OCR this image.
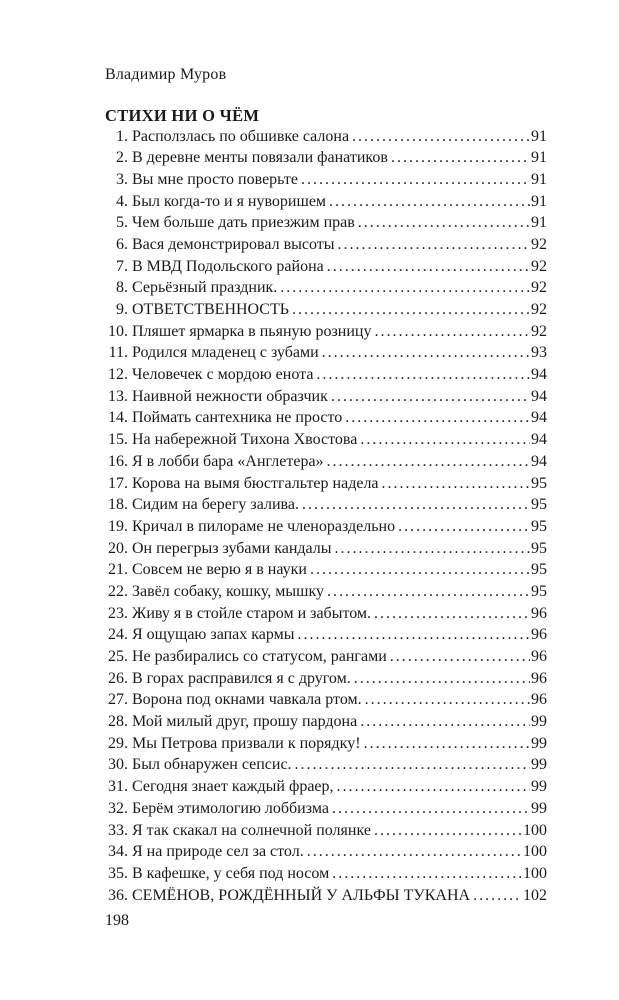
Владимир Муров
СТИХИ НИ О ЧЁМ
1. Расползлась по обшивке салона . . .	91
2. В деревне менты повязали фанатиков . . .	91
3. Вы мне просто поверьте . . .	91
4. Был когда-то и я нуворишем . . .	91
5. Чем больше дать приезжим прав . . .	91
6. Вася демонстрировал высоты . . .	92
7. В МВД Подольского района . . .	92
8. Серьёзный праздник. . . .	92
9. ОТВЕТСТВЕННОСТЬ . . .	92
10. Пляшет ярмарка в пьяную розницу . . .	92
11. Родился младенец с зубами . . .	93
12. Человечек с мордою енота . . .	94
13. Наивной нежности образчик . . .	94
14. Поймать сантехника не просто . . .	94
15. На набережной Тихона Хвостова . . .	94
16. Я в лобби бара «Англетера» . . .	94
17. Корова на вымя бюстгальтер надела . . .	95
18. Сидим на берегу залива. . . .	95
19. Кричал в пилораме не членораздельно . . .	95
20. Он перегрыз зубами кандалы . . .	95
21. Совсем не верю я в науки . . .	95
22. Завёл собаку, кошку, мышку . . .	95
23. Живу я в стойле старом и забытом. . . .	96
24. Я ощущаю запах кармы . . .	96
25. Не разбирались со статусом, рангами . . .	96
26. В горах расправился я с другом. . . .	96
27. Ворона под окнами чавкала ртом. . . .	96
28. Мой милый друг, прошу пардона . . .	99
29. Мы Петрова призвали к порядку! . . .	99
30. Был обнаружен сепсис. . . .	99
31. Сегодня знает каждый фраер, . . .	99
32. Берём этимологию лоббизма . . .	99
33. Я так скакал на солнечной полянке . . .	100
34. Я на природе сел за стол. . . .	100
35. В кафешке, у себя под носом . . .	100
36. СЕМЁНОВ, РОЖДЁННЫЙ У АЛЬФЫ ТУКАНА . . .	102
198
